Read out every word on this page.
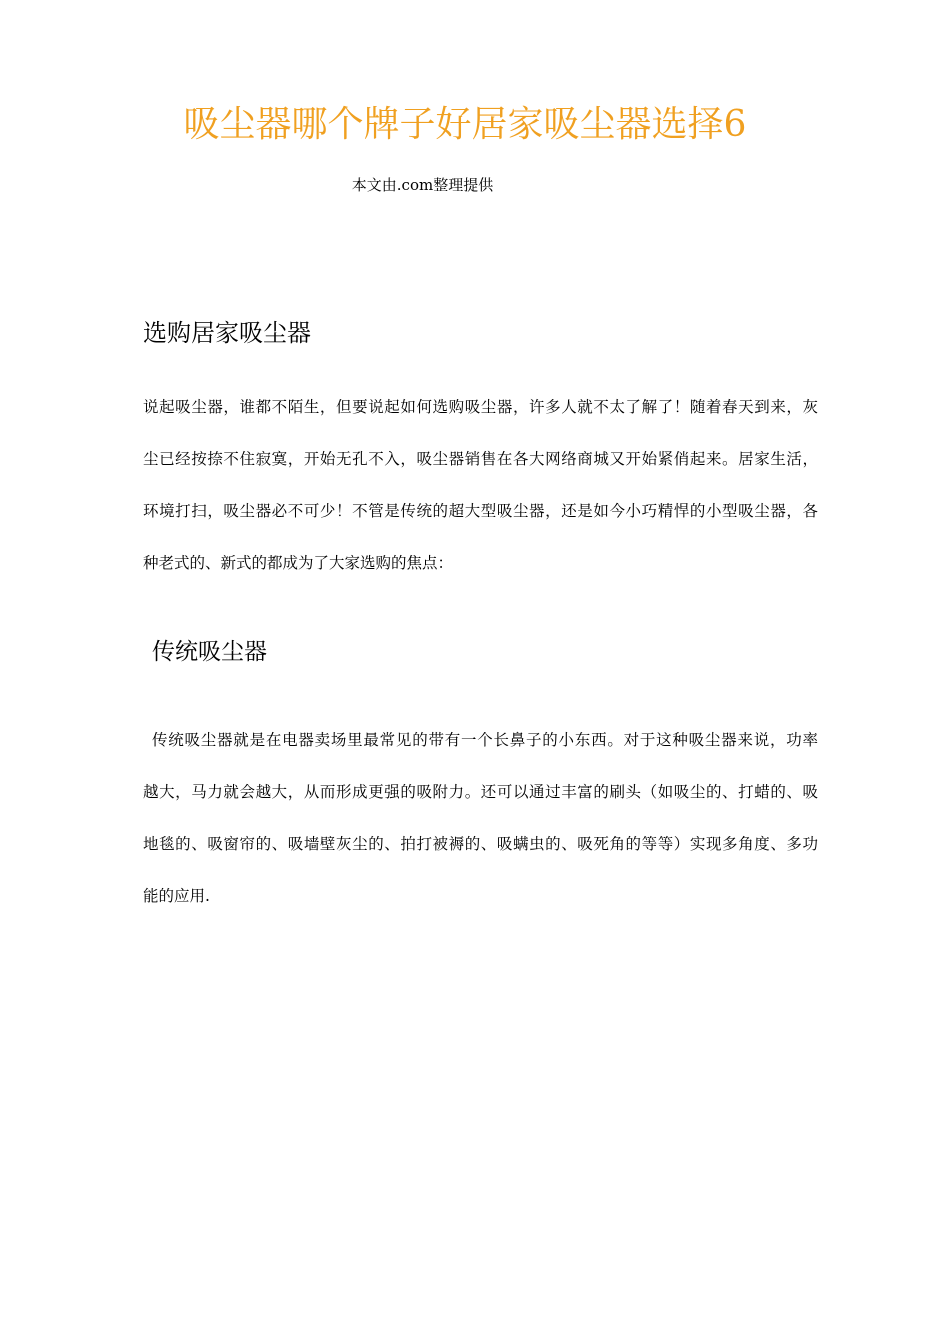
吸尘器哪个牌子好居家吸尘器选择6

本文由.com整理提供

选购居家吸尘器
说起吸尘器，谁都不陌生，但要说起如何选购吸尘器，许多人就不太了解了！随着春天到来，灰
尘已经按捺不住寂寞，开始无孔不入，吸尘器销售在各大网络商城又开始紧俏起来。居家生活，
环境打扫，吸尘器必不可少！不管是传统的超大型吸尘器，还是如今小巧精悍的小型吸尘器，各
种老式的、新式的都成为了大家选购的焦点：
传统吸尘器
传统吸尘器就是在电器卖场里最常见的带有一个长鼻子的小东西。对于这种吸尘器来说，功率
越大，马力就会越大，从而形成更强的吸附力。还可以通过丰富的刷头（如吸尘的、打蜡的、吸
地毯的、吸窗帘的、吸墙壁灰尘的、拍打被褥的、吸螨虫的、吸死角的等等）实现多角度、多功
能的应用.
